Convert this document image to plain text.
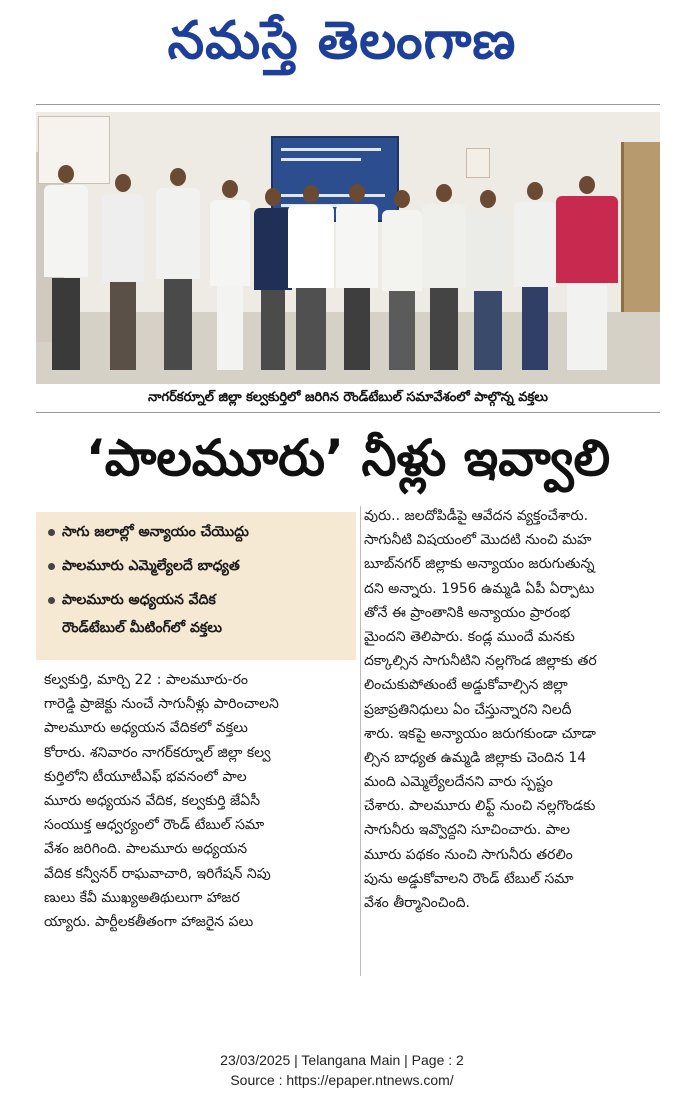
నమస్తే తెలంగాణ
నాగర్‌కర్నూల్ జిల్లా కల్వకుర్తిలో జరిగిన రౌండ్‌టేబుల్ సమావేశంలో పాల్గొన్న వక్తలు
‘పాలమూరు’ నీళ్లు ఇవ్వాలి
సాగు జలాల్లో అన్యాయం చేయొద్దు
పాలమూరు ఎమ్మెల్యేలదే బాధ్యత
పాలమూరు అధ్యయన వేదిక
రౌండ్‌టేబుల్ మీటింగ్‌లో వక్తలు
కల్వకుర్తి, మార్చి 22 : పాలమూరు-రం
గారెడ్డి ప్రాజెక్టు నుంచే సాగునీళ్లు పారించాలని
పాలమూరు అధ్యయన వేదికలో వక్తలు
కోరారు. శనివారం నాగర్‌కర్నూల్ జిల్లా కల్వ
కుర్తిలోని టీయూటీఎఫ్ భవనంలో పాల
మూరు అధ్యయన వేదిక, కల్వకుర్తి జేఏసీ
సంయుక్త ఆధ్వర్యంలో రౌండ్ టేబుల్ సమా
వేశం జరిగింది. పాలమూరు అధ్యయన
వేదిక కన్వీనర్ రాఘవాచారి, ఇరిగేషన్ నిపు
ణులు కేవీ ముఖ్యఅతిథులుగా హాజర
య్యారు. పార్టీలకతీతంగా హాజరైన పలు
వురు.. జలదోపిడీపై ఆవేదన వ్యక్తంచేశారు.
సాగునీటి విషయంలో మొదటి నుంచి మహ
బూబ్‌నగర్ జిల్లాకు అన్యాయం జరుగుతున్న
దని అన్నారు. 1956 ఉమ్మడి ఏపీ ఏర్పాటు
తోనే ఈ ప్రాంతానికి అన్యాయం ప్రారంభ
మైందని తెలిపారు. కండ్ల ముందే మనకు
దక్కాల్సిన సాగునీటిని నల్లగొండ జిల్లాకు తర
లించుకుపోతుంటే అడ్డుకోవాల్సిన జిల్లా
ప్రజాప్రతినిధులు ఏం చేస్తున్నారని నిలదీ
శారు. ఇకపై అన్యాయం జరుగకుండా చూడా
ల్సిన బాధ్యత ఉమ్మడి జిల్లాకు చెందిన 14
మంది ఎమ్మెల్యేలదేనని వారు స్పష్టం
చేశారు. పాలమూరు లిఫ్ట్ నుంచి నల్లగొండకు
సాగునీరు ఇవ్వొద్దని సూచించారు. పాల
మూరు పథకం నుంచి సాగునీరు తరలిం
పును అడ్డుకోవాలని రౌండ్ టేబుల్ సమా
వేశం తీర్మానించింది.
23/03/2025 | Telangana Main | Page : 2
Source : https://epaper.ntnews.com/
